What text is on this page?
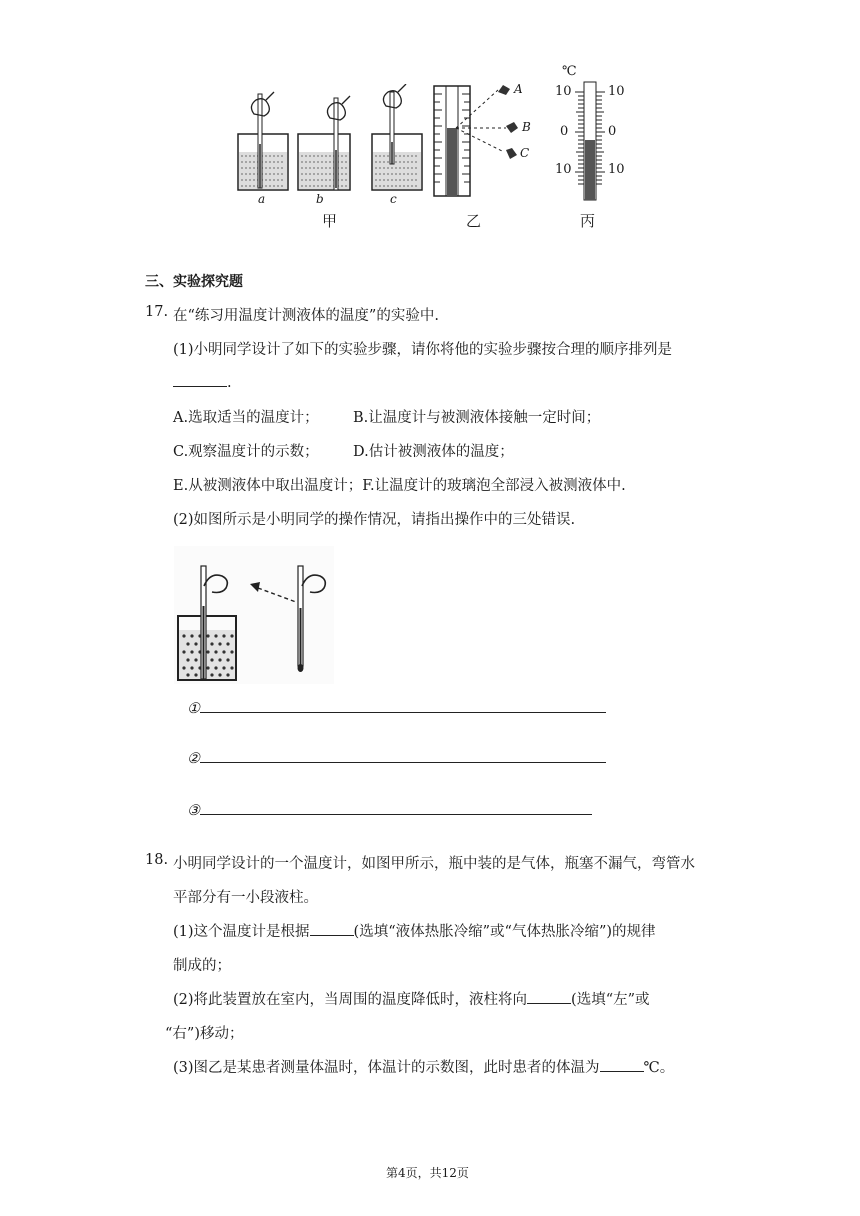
a	b	c
甲
A
B
C
乙
℃
10
0
10
10
0
10
丙
三、实验探究题
17. 在“练习用温度计测液体的温度”的实验中.
(1)小明同学设计了如下的实验步骤，请你将他的实验步骤按合理的顺序排列是
.
A.选取适当的温度计； B.让温度计与被测液体接触一定时间；
C.观察温度计的示数； D.估计被测液体的温度；
E.从被测液体中取出温度计；F.让温度计的玻璃泡全部浸入被测液体中.
(2)如图所示是小明同学的操作情况，请指出操作中的三处错误.
①
②
③
18. 小明同学设计的一个温度计，如图甲所示，瓶中装的是气体，瓶塞不漏气，弯管水
平部分有一小段液柱。
(1)这个温度计是根据	(选填“液体热胀冷缩”或“气体热胀冷缩”)的规律
制成的；
(2)将此装置放在室内，当周围的温度降低时，液柱将向	(选填“左”或
“右”)移动；
(3)图乙是某患者测量体温时，体温计的示数图，此时患者的体温为	℃。
第4页，共12页
